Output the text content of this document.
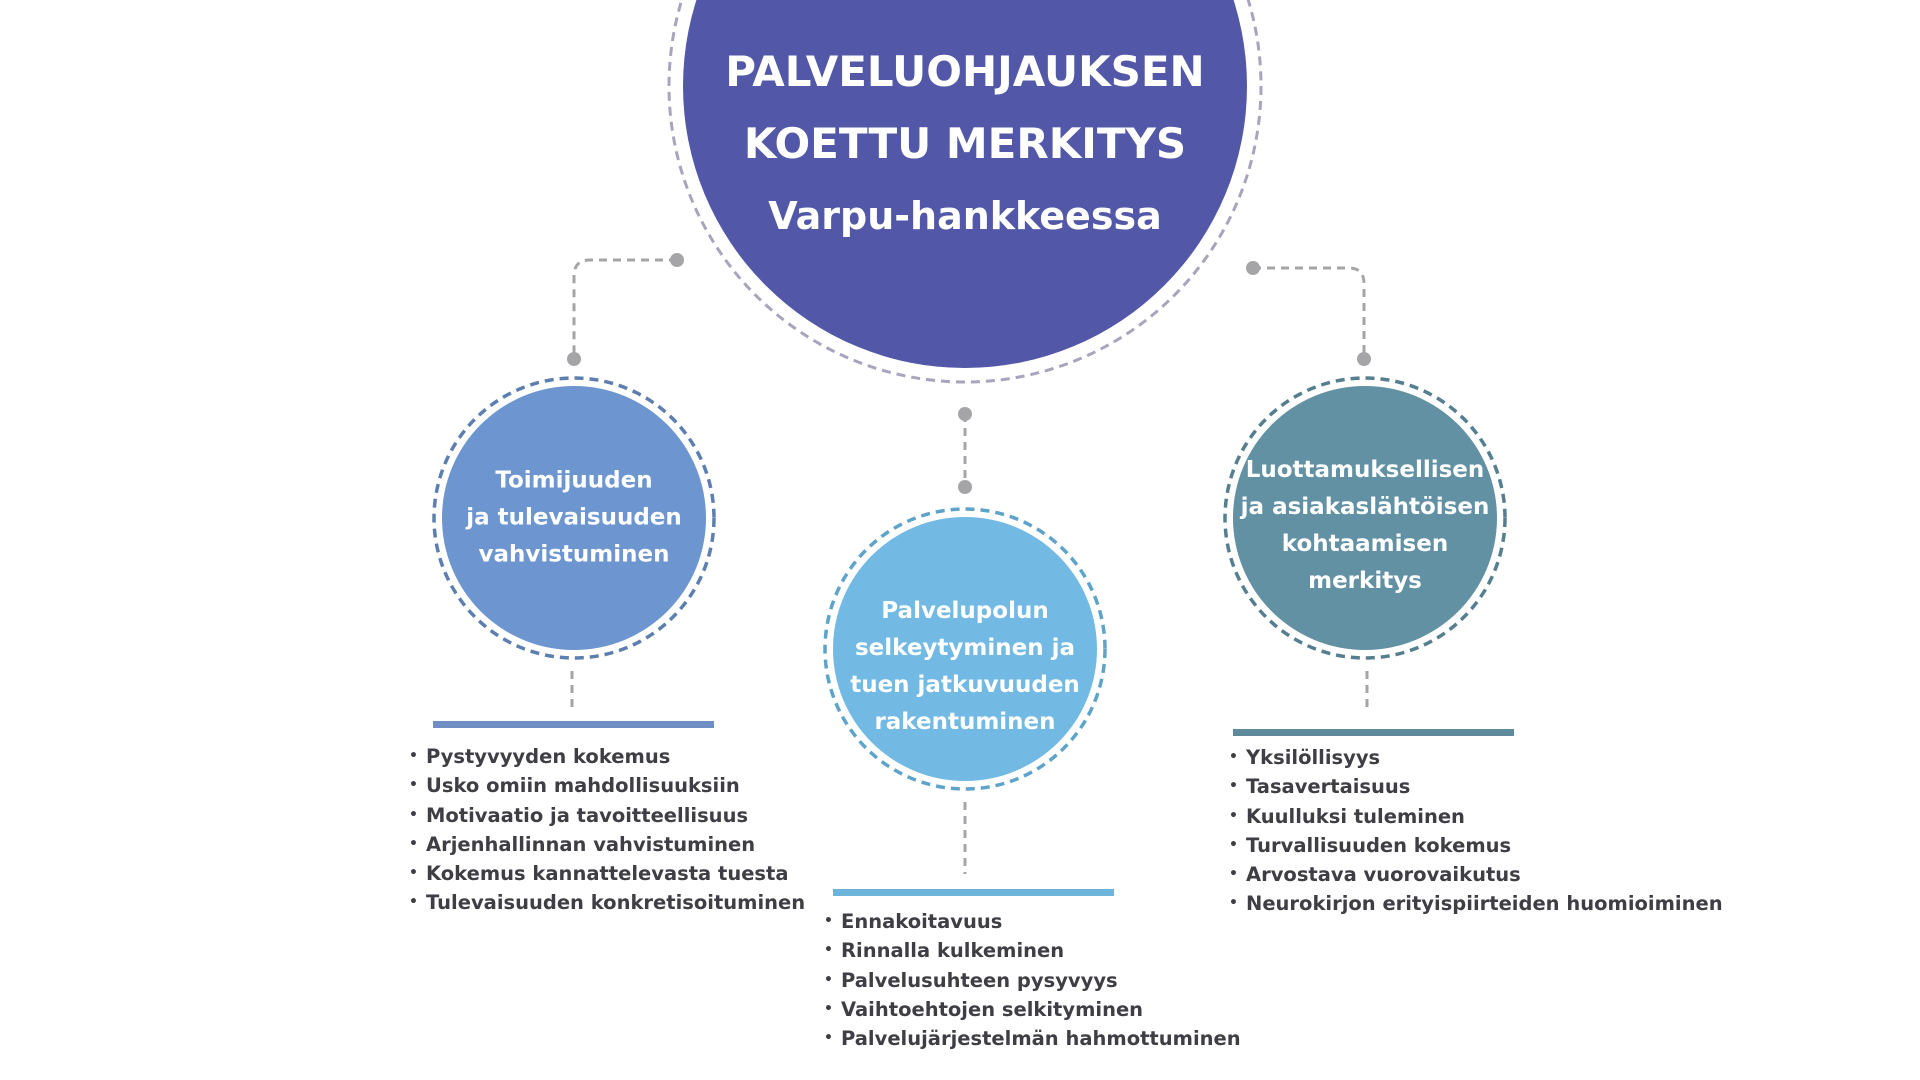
PALVELUOHJAUKSEN
KOETTU MERKITYS
Varpu-hankkeessa
Toimijuuden
ja tulevaisuuden
vahvistuminen
Palvelupolun
selkeytyminen ja
tuen jatkuvuuden
rakentuminen
Luottamuksellisen
ja asiakaslähtöisen
kohtaamisen
merkitys
• Pystyvyyden kokemus
• Usko omiin mahdollisuuksiin
• Motivaatio ja tavoitteellisuus
• Arjenhallinnan vahvistuminen
• Kokemus kannattelevasta tuesta
• Tulevaisuuden konkretisoituminen
• Ennakoitavuus
• Rinnalla kulkeminen
• Palvelusuhteen pysyvyys
• Vaihtoehtojen selkityminen
• Palvelujärjestelmän hahmottuminen
• Yksilöllisyys
• Tasavertaisuus
• Kuulluksi tuleminen
• Turvallisuuden kokemus
• Arvostava vuorovaikutus
• Neurokirjon erityispiirteiden huomioiminen
